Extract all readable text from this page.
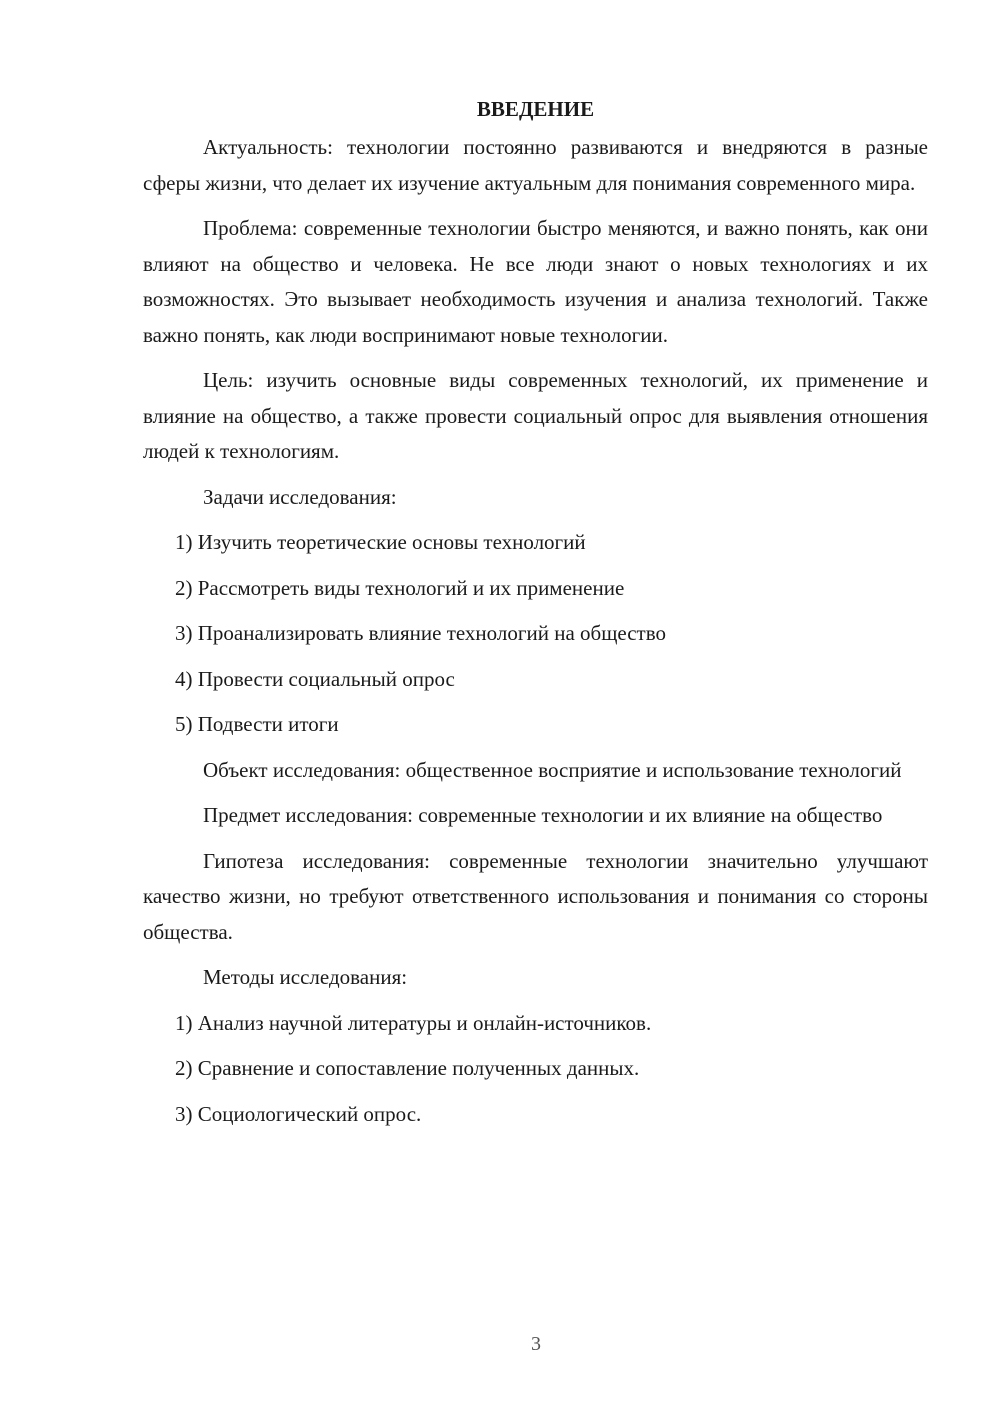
ВВЕДЕНИЕ

Актуальность: технологии постоянно развиваются и внедряются в разные сферы жизни, что делает их изучение актуальным для понимания современного мира.

Проблема: современные технологии быстро меняются, и важно понять, как они влияют на общество и человека. Не все люди знают о новых технологиях и их возможностях. Это вызывает необходимость изучения и анализа технологий. Также важно понять, как люди воспринимают новые технологии.

Цель: изучить основные виды современных технологий, их применение и влияние на общество, а также провести социальный опрос для выявления отношения людей к технологиям.

Задачи исследования:

1) Изучить теоретические основы технологий
2) Рассмотреть виды технологий и их применение
3) Проанализировать влияние технологий на общество
4) Провести социальный опрос
5) Подвести итоги

Объект исследования: общественное восприятие и использование технологий

Предмет исследования: современные технологии и их влияние на общество

Гипотеза исследования: современные технологии значительно улучшают качество жизни, но требуют ответственного использования и понимания со стороны общества.

Методы исследования:

1) Анализ научной литературы и онлайн-источников.
2) Сравнение и сопоставление полученных данных.
3) Социологический опрос.
3
